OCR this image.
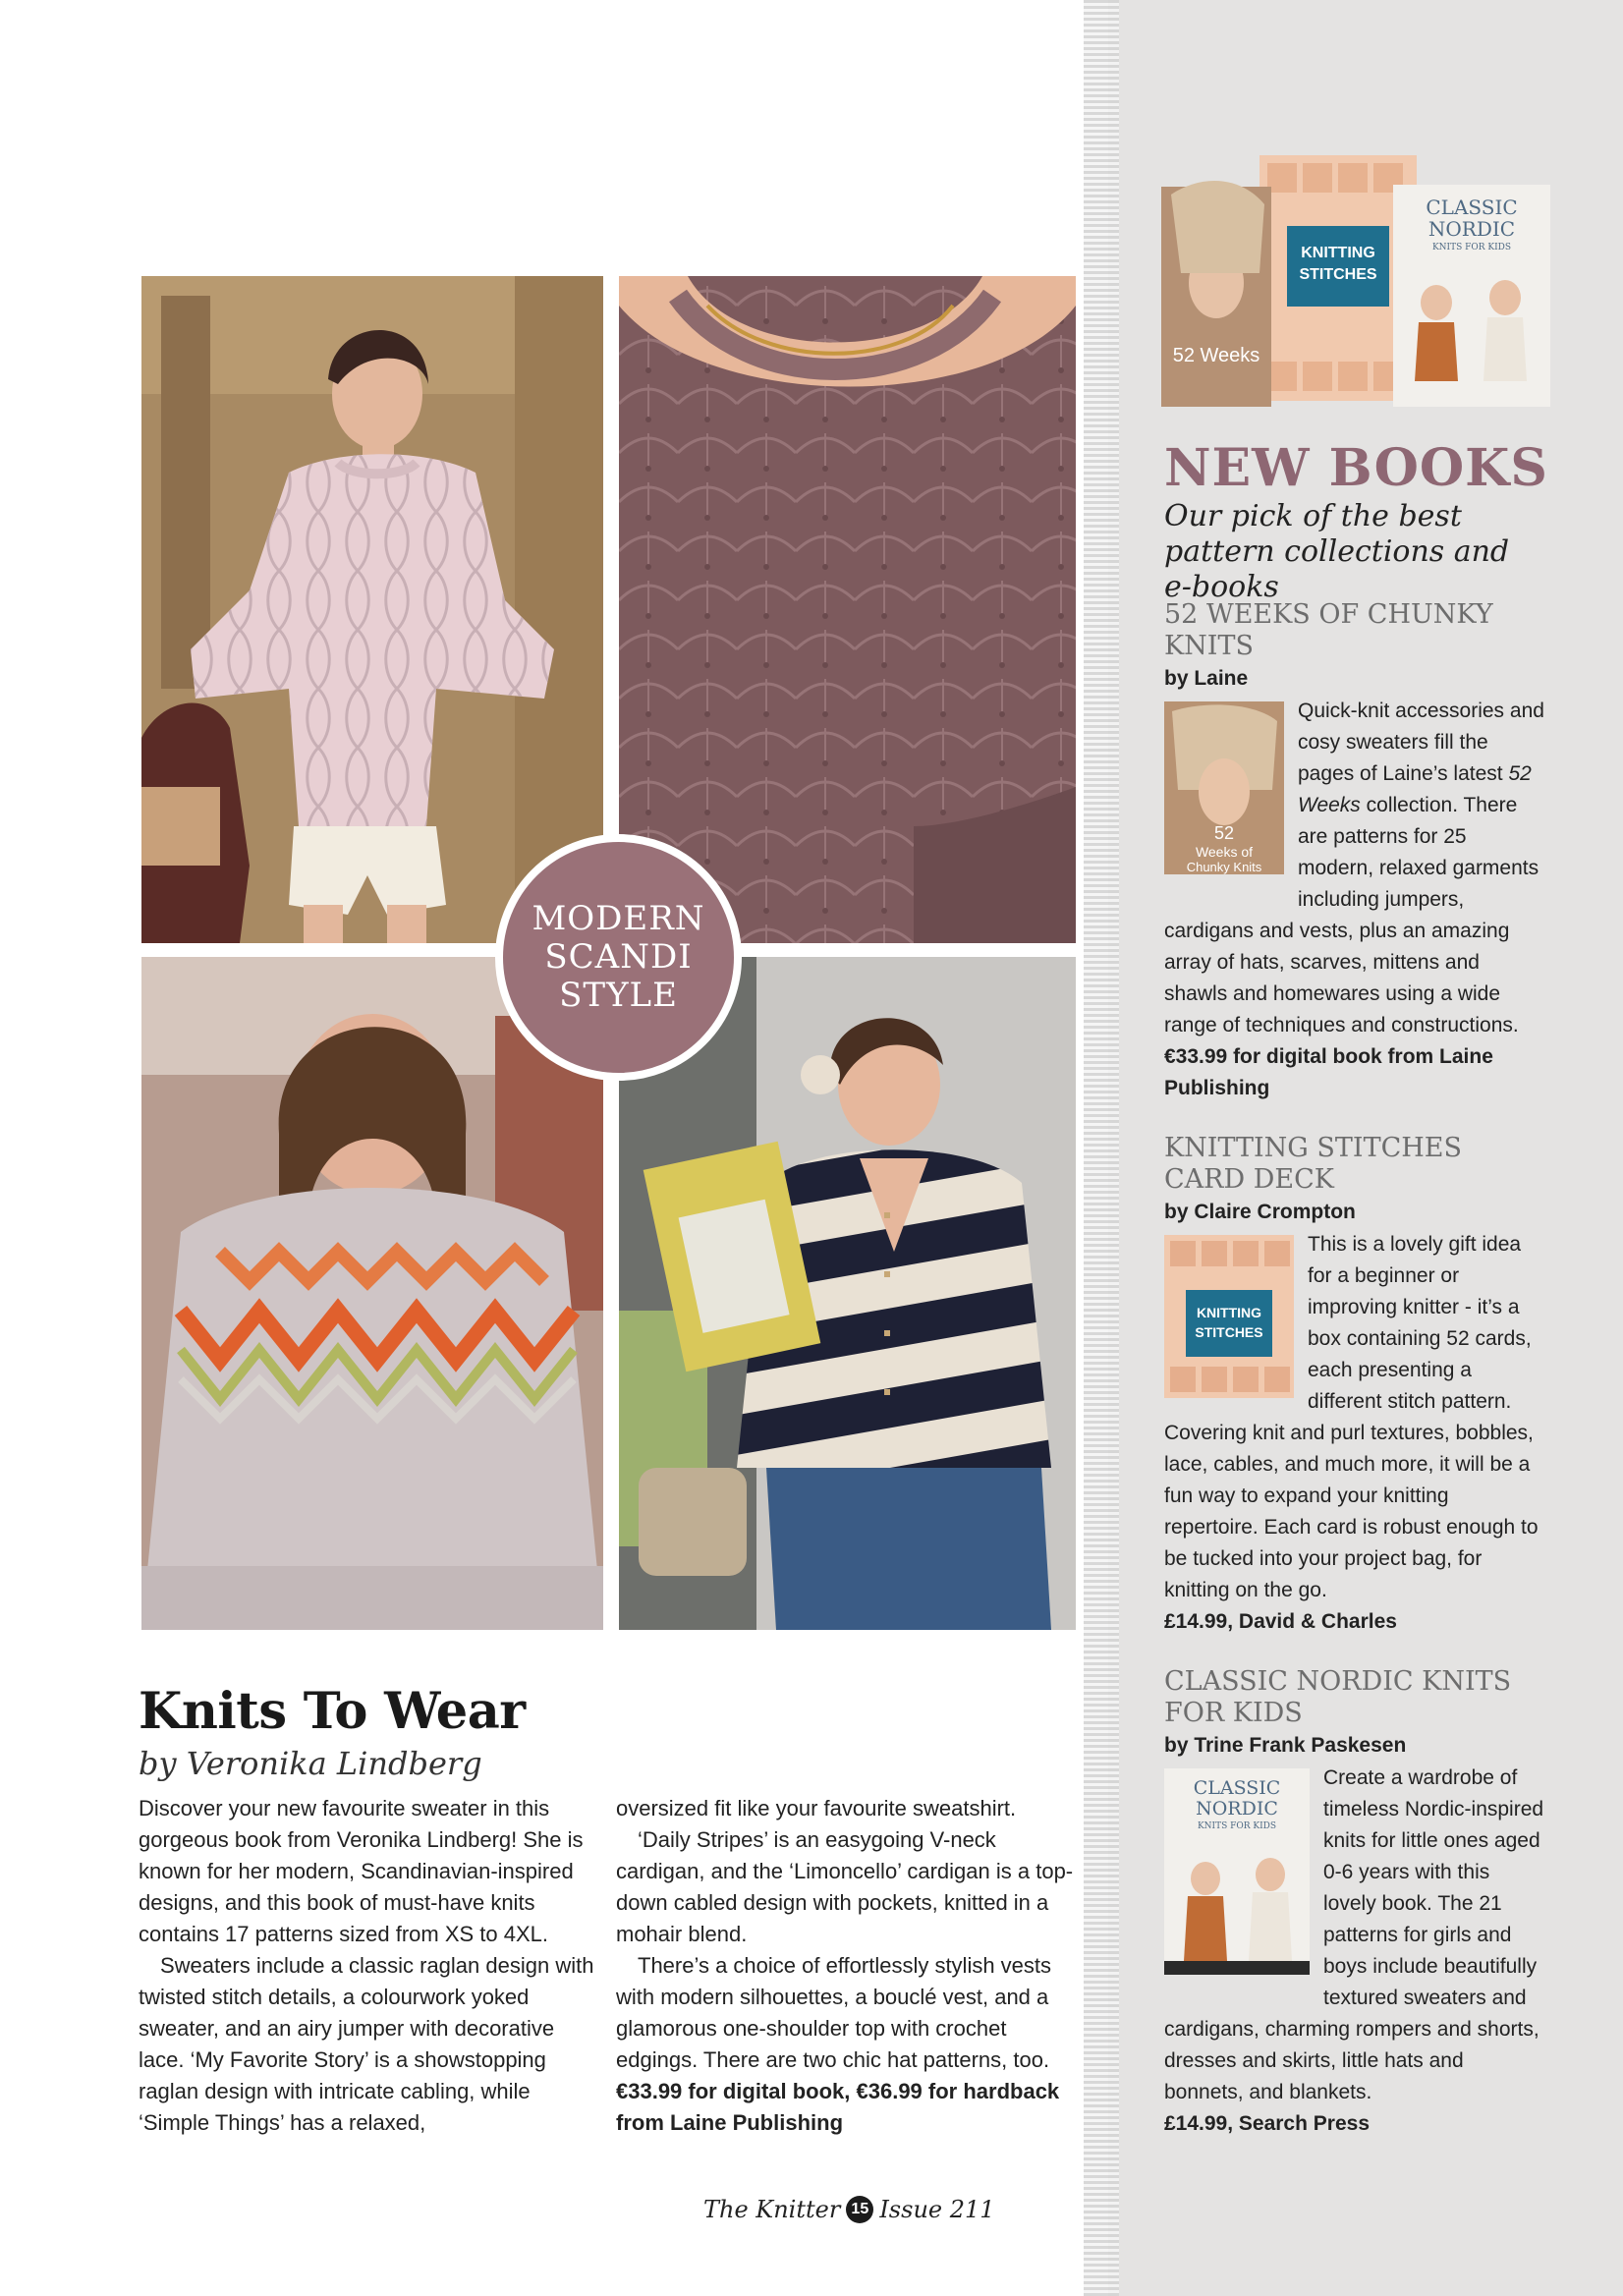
MODERN
SCANDI
STYLE
Knits To Wear
by Veronika Lindberg

Discover your new favourite sweater in this gorgeous book from Veronika Lindberg! She is known for her modern, Scandinavian-inspired designs, and this book of must-have knits contains 17 patterns sized from XS to 4XL.

Sweaters include a classic raglan design with twisted stitch details, a colourwork yoked sweater, and an airy jumper with decorative lace. ‘My Favorite Story’ is a showstopping raglan design with intricate cabling, while ‘Simple Things’ has a relaxed,

oversized fit like your favourite sweatshirt.

‘Daily Stripes’ is an easygoing V-neck cardigan, and the ‘Limoncello’ cardigan is a top-down cabled design with pockets, knitted in a mohair blend.

There’s a choice of effortlessly stylish vests with modern silhouettes, a bouclé vest, and a glamorous one-shoulder top with crochet edgings. There are two chic hat patterns, too.

€33.99 for digital book, €36.99 for hardback from Laine Publishing

KNITTING
STITCHES
52 Weeks
CLASSIC
NORDIC
KNITS FOR KIDS
NEW BOOKS
Our pick of the best pattern collections and e-books
52 WEEKS OF CHUNKY KNITS
by Laine
52
Weeks of
Chunky Knits
Quick-knit accessories and cosy sweaters fill the pages of Laine’s latest 52 Weeks collection. There are patterns for 25 modern, relaxed garments including jumpers, cardigans and vests, plus an amazing array of hats, scarves, mittens and shawls and homewares using a wide range of techniques and constructions.
€33.99 for digital book from Laine Publishing
KNITTING STITCHES CARD DECK
by Claire Crompton
KNITTING
STITCHES
This is a lovely gift idea for a beginner or improving knitter - it’s a box containing 52 cards, each presenting a different stitch pattern. Covering knit and purl textures, bobbles, lace, cables, and much more, it will be a fun way to expand your knitting repertoire. Each card is robust enough to be tucked into your project bag, for knitting on the go.
£14.99, David & Charles
CLASSIC NORDIC KNITS FOR KIDS
by Trine Frank Paskesen
CLASSIC
NORDIC
KNITS FOR KIDS
Create a wardrobe of timeless Nordic-inspired knits for little ones aged 0-6 years with this lovely book. The 21 patterns for girls and boys include beautifully textured sweaters and cardigans, charming rompers and shorts, dresses and skirts, little hats and bonnets, and blankets.
£14.99, Search Press
The Knitter 15 Issue 211
